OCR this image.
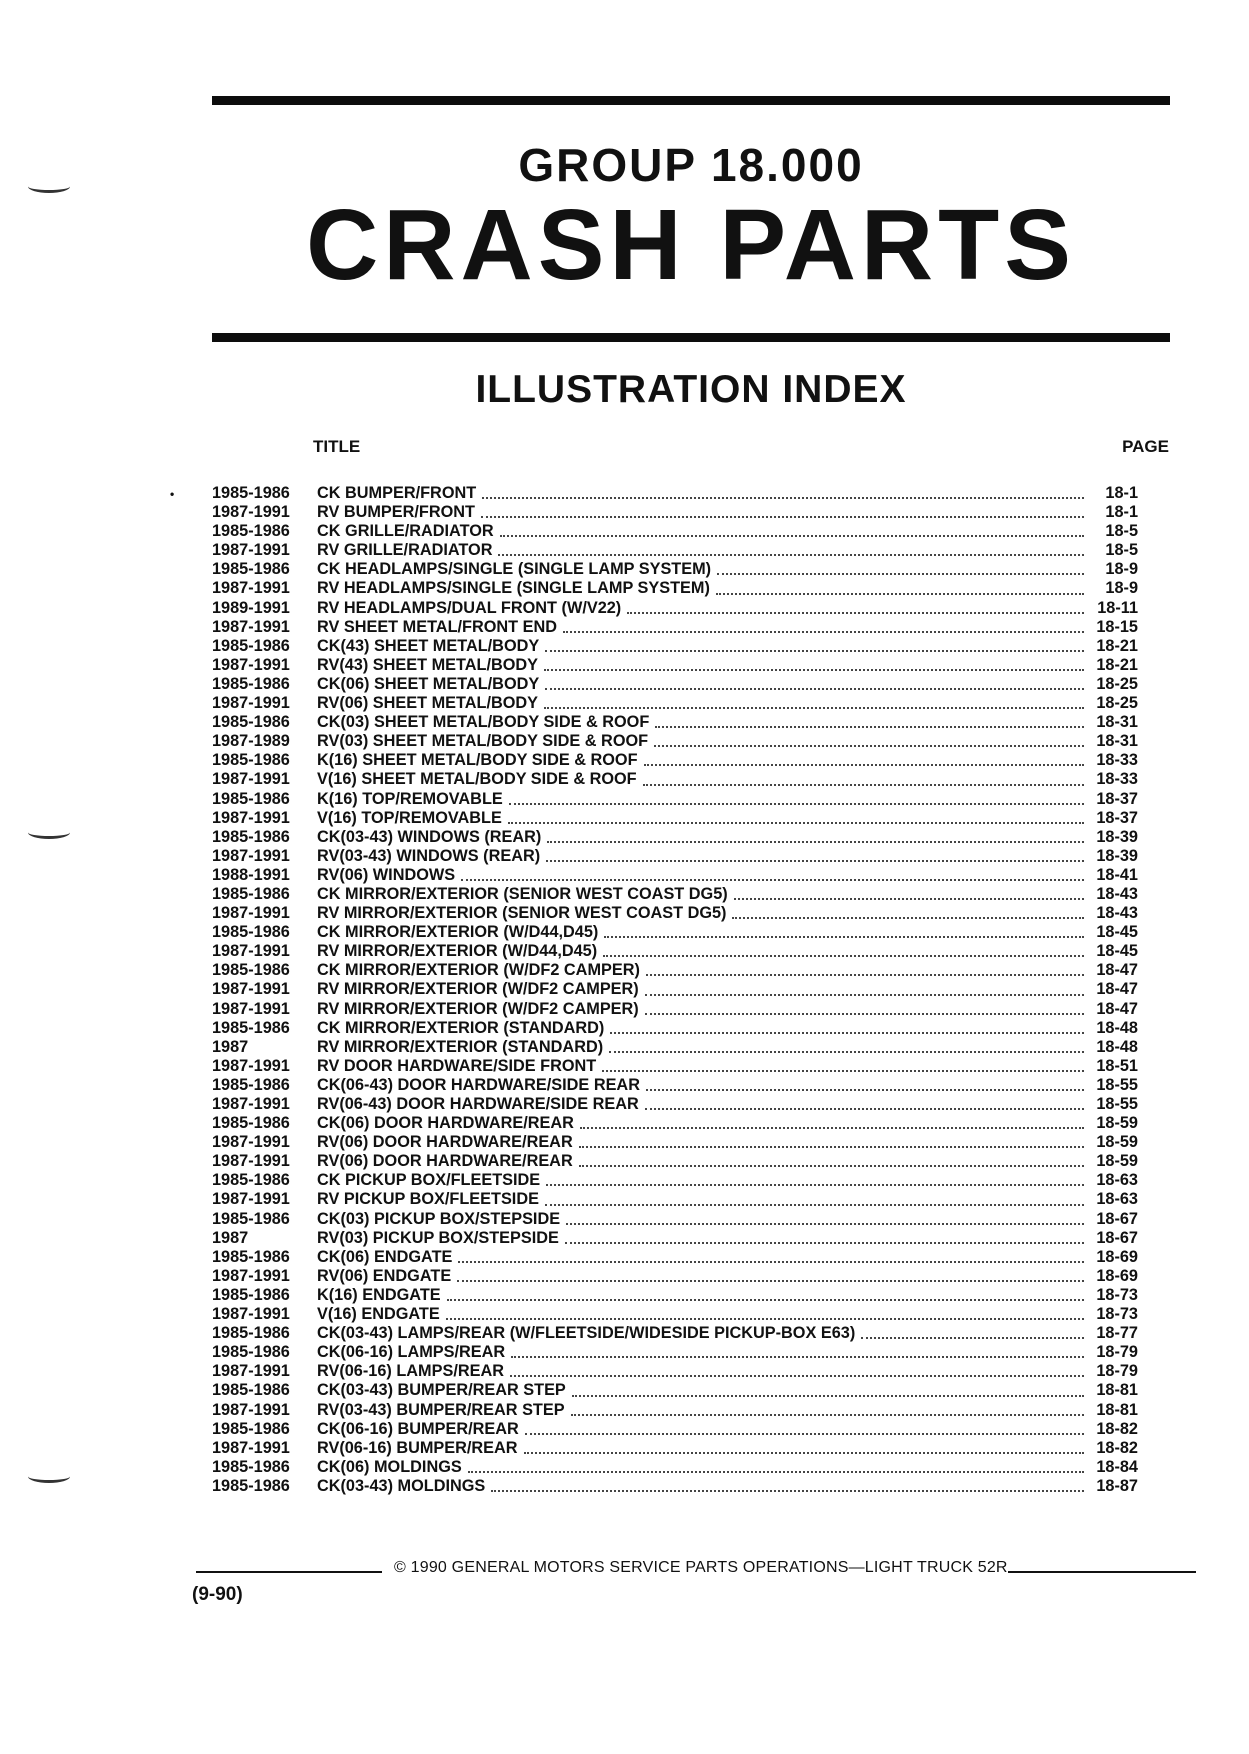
GROUP 18.000
CRASH PARTS
ILLUSTRATION INDEX
TITLE	PAGE
• 1985-1986	CK BUMPER/FRONT	18-1
1987-1991	RV BUMPER/FRONT	18-1
1985-1986	CK GRILLE/RADIATOR	18-5
1987-1991	RV GRILLE/RADIATOR	18-5
1985-1986	CK HEADLAMPS/SINGLE (SINGLE LAMP SYSTEM)	18-9
1987-1991	RV HEADLAMPS/SINGLE (SINGLE LAMP SYSTEM)	18-9
1989-1991	RV HEADLAMPS/DUAL FRONT (W/V22)	18-11
1987-1991	RV SHEET METAL/FRONT END	18-15
1985-1986	CK(43) SHEET METAL/BODY	18-21
1987-1991	RV(43) SHEET METAL/BODY	18-21
1985-1986	CK(06) SHEET METAL/BODY	18-25
1987-1991	RV(06) SHEET METAL/BODY	18-25
1985-1986	CK(03) SHEET METAL/BODY SIDE & ROOF	18-31
1987-1989	RV(03) SHEET METAL/BODY SIDE & ROOF	18-31
1985-1986	K(16) SHEET METAL/BODY SIDE & ROOF	18-33
1987-1991	V(16) SHEET METAL/BODY SIDE & ROOF	18-33
1985-1986	K(16) TOP/REMOVABLE	18-37
1987-1991	V(16) TOP/REMOVABLE	18-37
1985-1986	CK(03-43) WINDOWS (REAR)	18-39
1987-1991	RV(03-43) WINDOWS (REAR)	18-39
1988-1991	RV(06) WINDOWS	18-41
1985-1986	CK MIRROR/EXTERIOR (SENIOR WEST COAST DG5)	18-43
1987-1991	RV MIRROR/EXTERIOR (SENIOR WEST COAST DG5)	18-43
1985-1986	CK MIRROR/EXTERIOR (W/D44,D45)	18-45
1987-1991	RV MIRROR/EXTERIOR (W/D44,D45)	18-45
1985-1986	CK MIRROR/EXTERIOR (W/DF2 CAMPER)	18-47
1987-1991	RV MIRROR/EXTERIOR (W/DF2 CAMPER)	18-47
1987-1991	RV MIRROR/EXTERIOR (W/DF2 CAMPER)	18-47
1985-1986	CK MIRROR/EXTERIOR (STANDARD)	18-48
1987	RV MIRROR/EXTERIOR (STANDARD)	18-48
1987-1991	RV DOOR HARDWARE/SIDE FRONT	18-51
1985-1986	CK(06-43) DOOR HARDWARE/SIDE REAR	18-55
1987-1991	RV(06-43) DOOR HARDWARE/SIDE REAR	18-55
1985-1986	CK(06) DOOR HARDWARE/REAR	18-59
1987-1991	RV(06) DOOR HARDWARE/REAR	18-59
1987-1991	RV(06) DOOR HARDWARE/REAR	18-59
1985-1986	CK PICKUP BOX/FLEETSIDE	18-63
1987-1991	RV PICKUP BOX/FLEETSIDE	18-63
1985-1986	CK(03) PICKUP BOX/STEPSIDE	18-67
1987	RV(03) PICKUP BOX/STEPSIDE	18-67
1985-1986	CK(06) ENDGATE	18-69
1987-1991	RV(06) ENDGATE	18-69
1985-1986	K(16) ENDGATE	18-73
1987-1991	V(16) ENDGATE	18-73
1985-1986	CK(03-43) LAMPS/REAR (W/FLEETSIDE/WIDESIDE PICKUP-BOX E63)	18-77
1985-1986	CK(06-16) LAMPS/REAR	18-79
1987-1991	RV(06-16) LAMPS/REAR	18-79
1985-1986	CK(03-43) BUMPER/REAR STEP	18-81
1987-1991	RV(03-43) BUMPER/REAR STEP	18-81
1985-1986	CK(06-16) BUMPER/REAR	18-82
1987-1991	RV(06-16) BUMPER/REAR	18-82
1985-1986	CK(06) MOLDINGS	18-84
1985-1986	CK(03-43) MOLDINGS	18-87
© 1990 GENERAL MOTORS SERVICE PARTS OPERATIONS—LIGHT TRUCK 52R
(9-90)
